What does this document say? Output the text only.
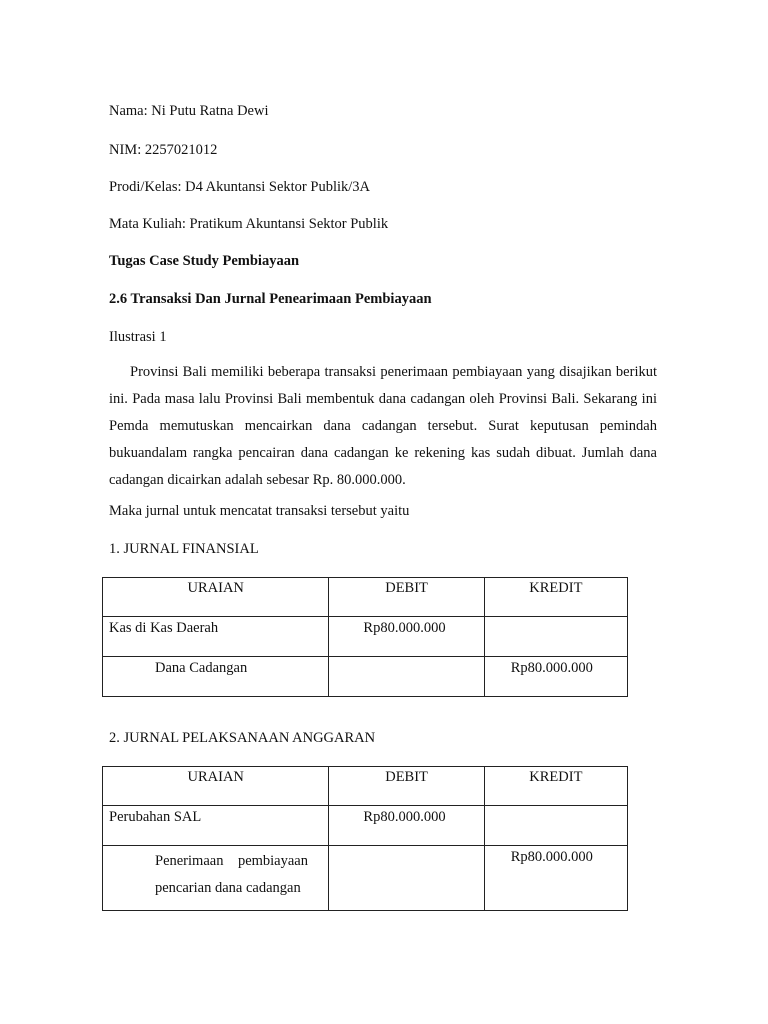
Nama: Ni Putu Ratna Dewi
NIM: 2257021012
Prodi/Kelas: D4 Akuntansi Sektor Publik/3A
Mata Kuliah: Pratikum Akuntansi Sektor Publik
Tugas Case Study Pembiayaan
2.6 Transaksi Dan Jurnal Penearimaan Pembiayaan
Ilustrasi 1
Provinsi Bali memiliki beberapa transaksi penerimaan pembiayaan yang disajikan berikut ini. Pada masa lalu Provinsi Bali membentuk dana cadangan oleh Provinsi Bali. Sekarang ini Pemda memutuskan mencairkan dana cadangan tersebut. Surat keputusan pemindah bukuandalam rangka pencairan dana cadangan ke rekening kas sudah dibuat. Jumlah dana cadangan dicairkan adalah sebesar Rp. 80.000.000.
Maka jurnal untuk mencatat transaksi tersebut yaitu
1. JURNAL FINANSIAL
URAIAN	DEBIT	KREDIT
Kas di Kas Daerah	Rp80.000.000	
Dana Cadangan		Rp80.000.000
2. JURNAL PELAKSANAAN ANGGARAN
URAIAN	DEBIT	KREDIT
Perubahan SAL	Rp80.000.000	

Penerimaan    pembiayaan
pencarian dana cadangan		Rp80.000.000
